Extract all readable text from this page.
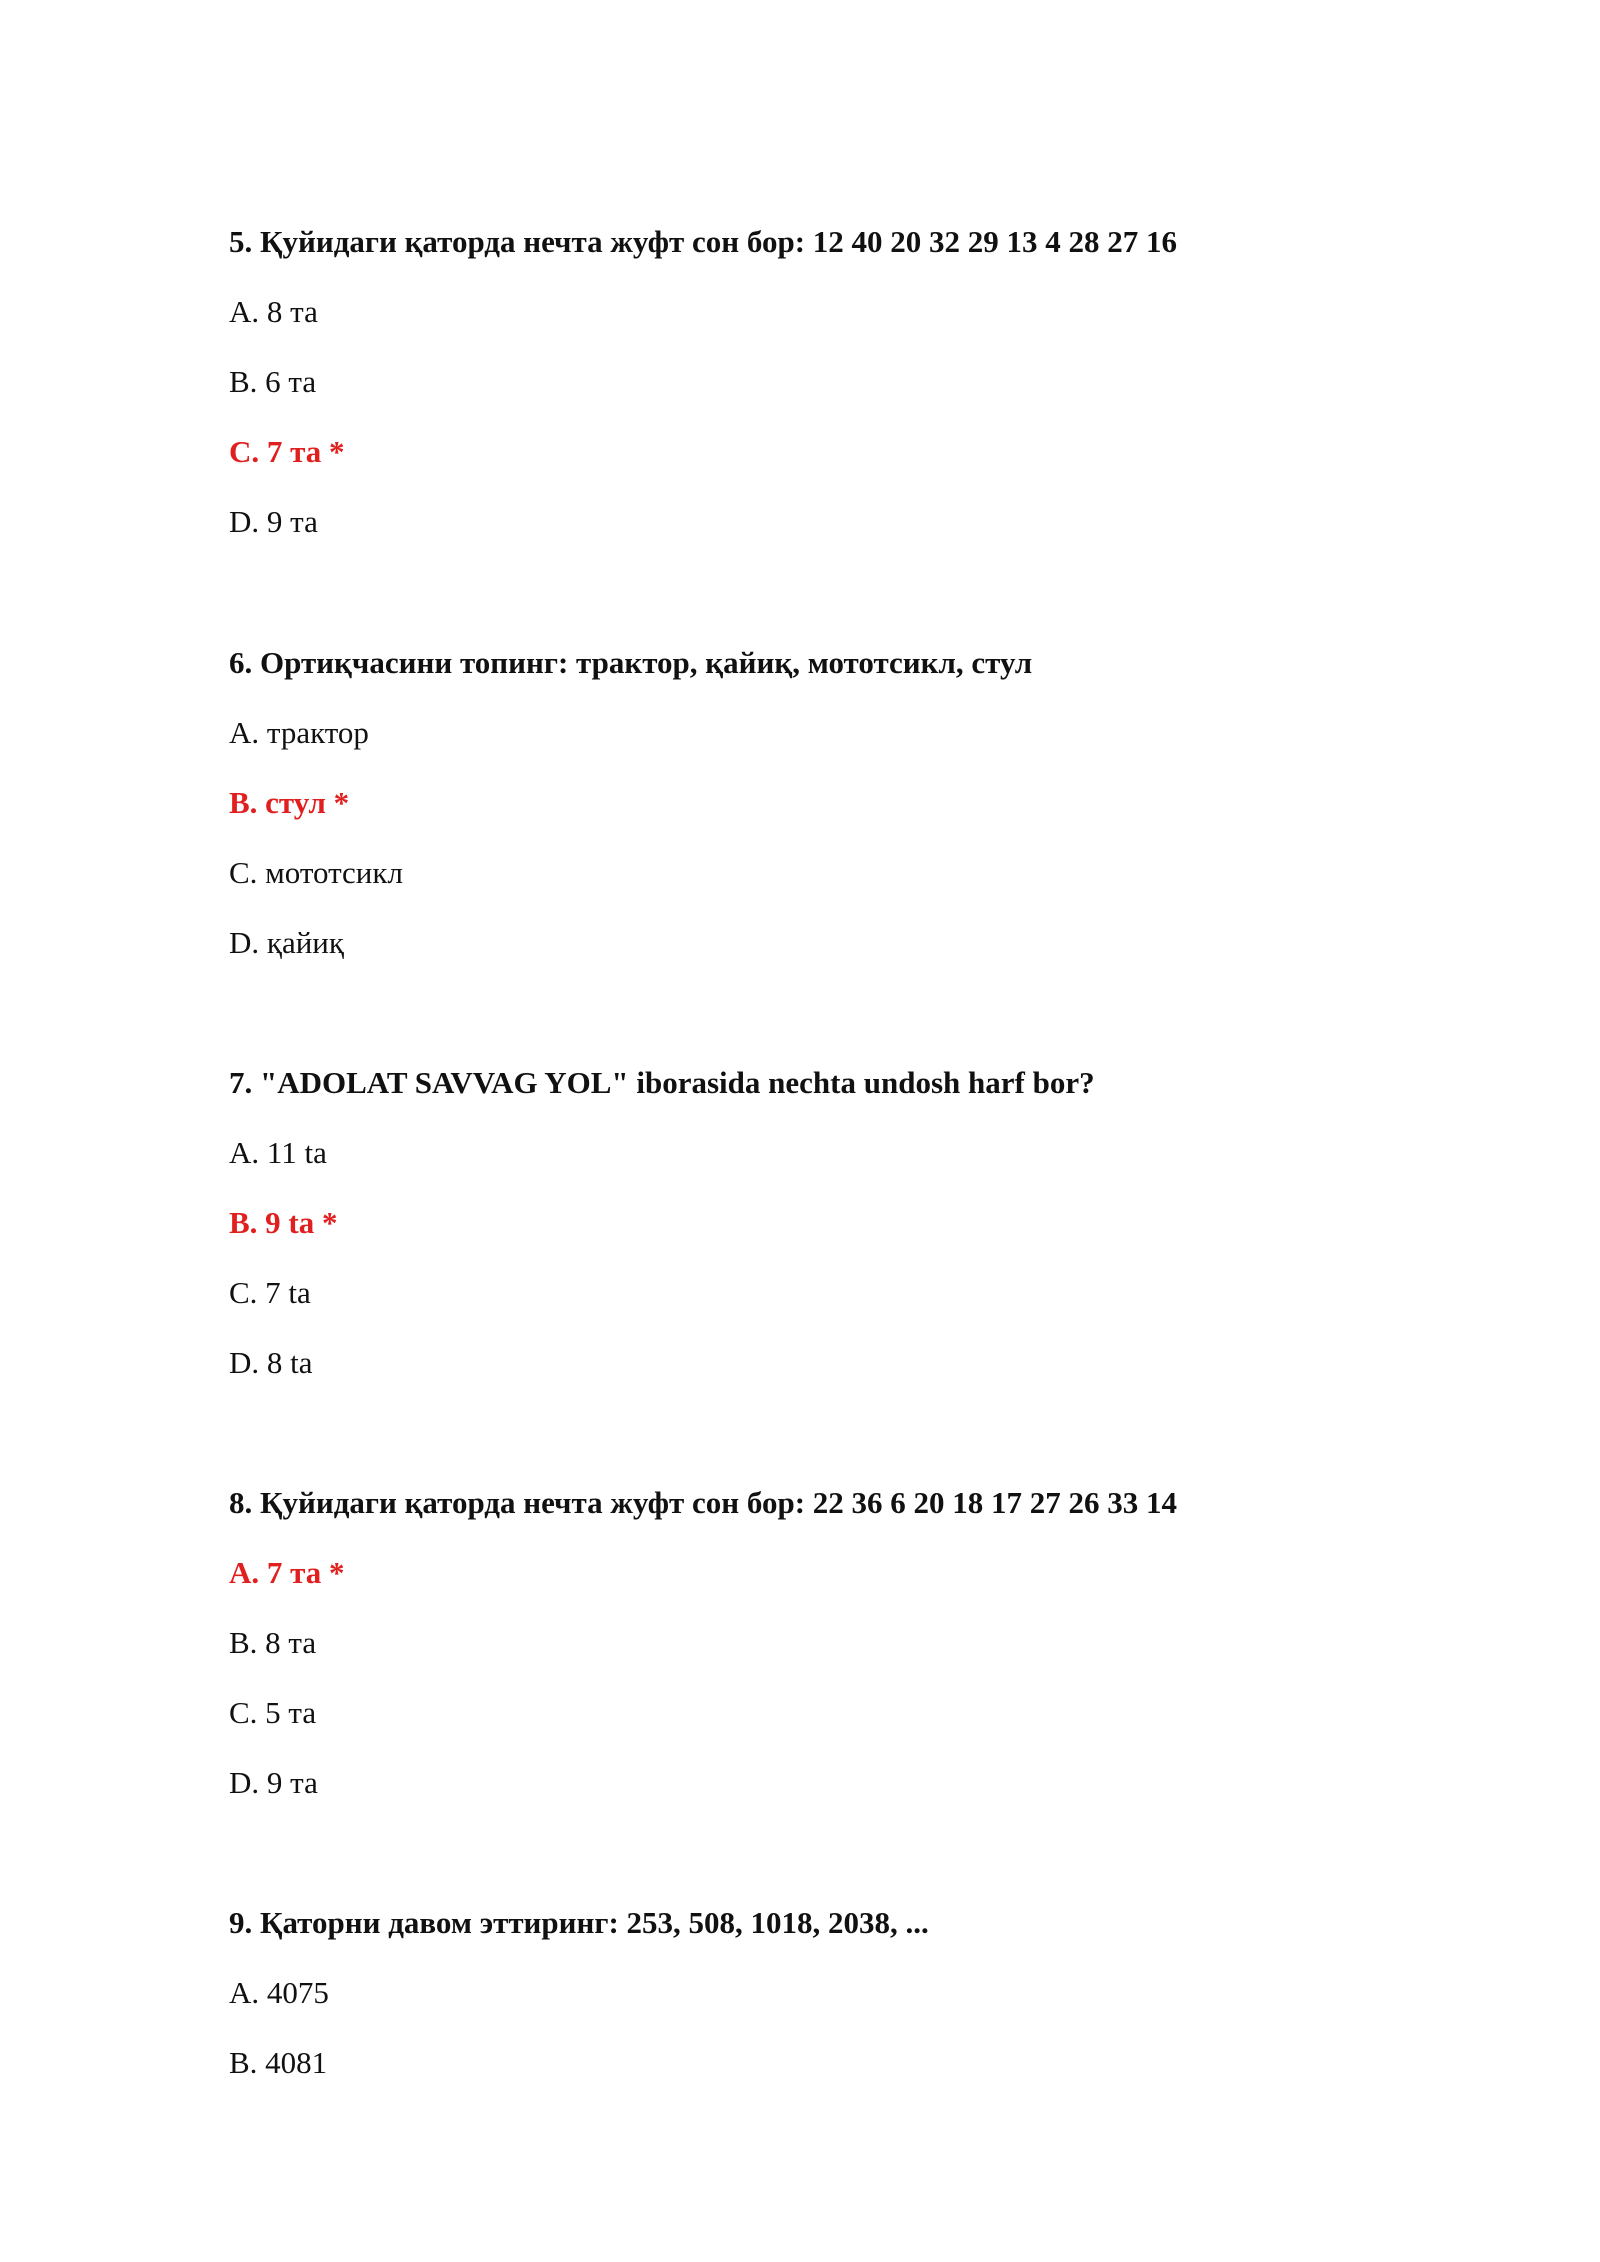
5. Қуйидаги қаторда нечта жуфт сон бор: 12 40 20 32 29 13 4 28 27 16
A. 8 та
B. 6 та
C. 7 та *
D. 9 та
6. Ортиқчасини топинг: трактор, қайиқ, мототсикл, стул
A. трактор
B. стул *
C. мототсикл
D. қайиқ
7. "ADOLAT SAVVAG YOL" iborasida nechta undosh harf bor?
A. 11 ta
B. 9 ta *
C. 7 ta
D. 8 ta
8. Қуйидаги қаторда нечта жуфт сон бор: 22 36 6 20 18 17 27 26 33 14
A. 7 та *
B. 8 та
C. 5 та
D. 9 та
9. Қаторни давом эттиринг: 253, 508, 1018, 2038, ...
A. 4075
B. 4081
